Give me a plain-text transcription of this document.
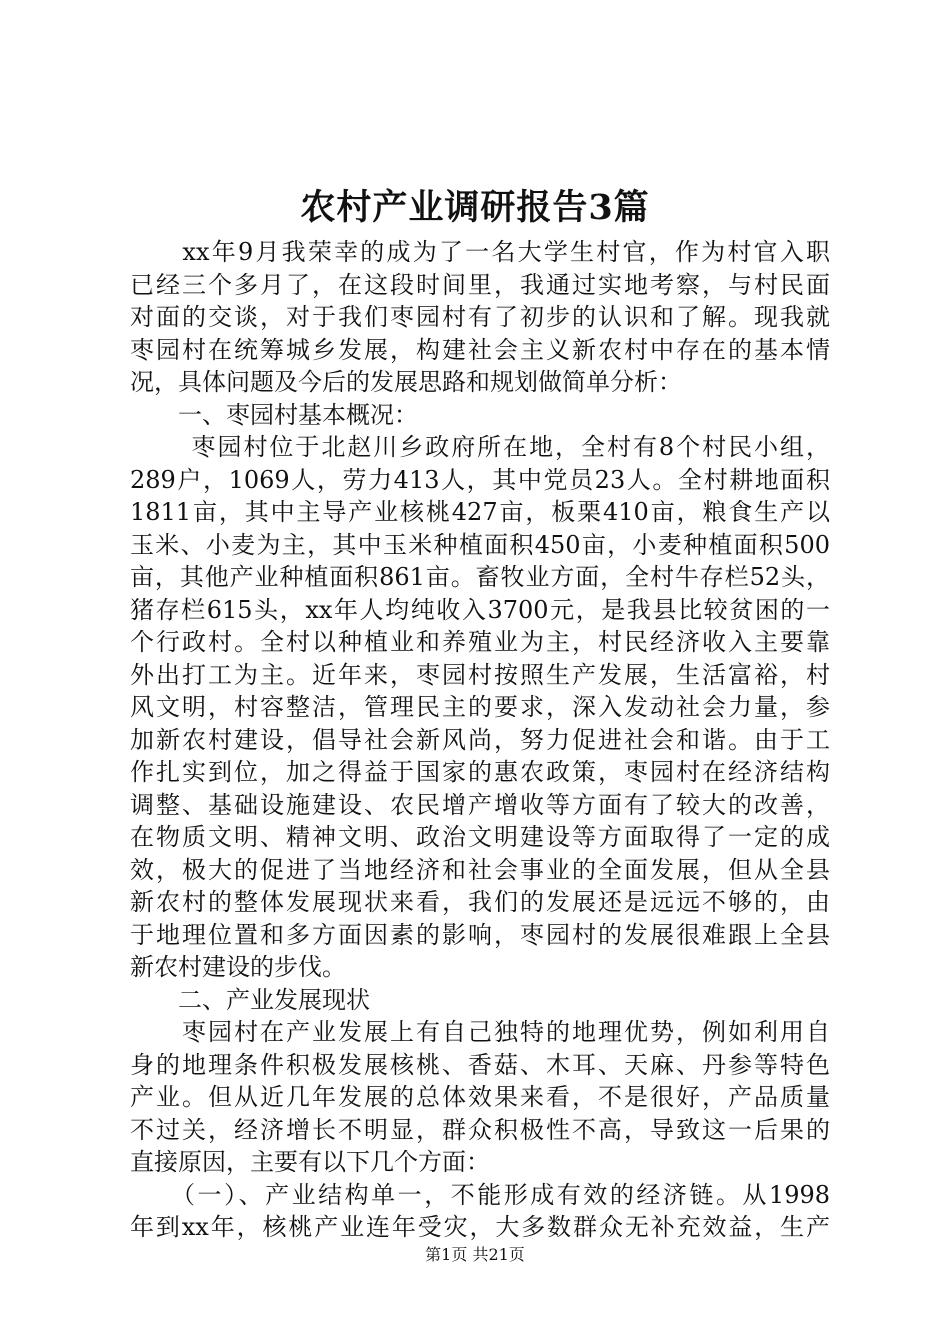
农村产业调研报告3篇
　　xx年9月我荣幸的成为了一名大学生村官，作为村官入职
已经三个多月了，在这段时间里，我通过实地考察，与村民面
对面的交谈，对于我们枣园村有了初步的认识和了解。现我就
枣园村在统筹城乡发展，构建社会主义新农村中存在的基本情
况，具体问题及今后的发展思路和规划做简单分析：
　　一、枣园村基本概况：
　　 枣园村位于北赵川乡政府所在地，全村有8个村民小组，
289户，1069人，劳力413人，其中党员23人。全村耕地面积
1811亩，其中主导产业核桃427亩，板栗410亩，粮食生产以
玉米、小麦为主，其中玉米种植面积450亩，小麦种植面积500
亩，其他产业种植面积861亩。畜牧业方面，全村牛存栏52头，
猪存栏615头，xx年人均纯收入3700元，是我县比较贫困的一
个行政村。全村以种植业和养殖业为主，村民经济收入主要靠
外出打工为主。近年来，枣园村按照生产发展，生活富裕，村
风文明，村容整洁，管理民主的要求，深入发动社会力量，参
加新农村建设，倡导社会新风尚，努力促进社会和谐。由于工
作扎实到位，加之得益于国家的惠农政策，枣园村在经济结构
调整、基础设施建设、农民增产增收等方面有了较大的改善，
在物质文明、精神文明、政治文明建设等方面取得了一定的成
效，极大的促进了当地经济和社会事业的全面发展，但从全县
新农村的整体发展现状来看，我们的发展还是远远不够的，由
于地理位置和多方面因素的影响，枣园村的发展很难跟上全县
新农村建设的步伐。
　　二、产业发展现状
　　枣园村在产业发展上有自己独特的地理优势，例如利用自
身的地理条件积极发展核桃、香菇、木耳、天麻、丹参等特色
产业。但从近几年发展的总体效果来看，不是很好，产品质量
不过关，经济增长不明显，群众积极性不高，导致这一后果的
直接原因，主要有以下几个方面：
　　（一）、产业结构单一，不能形成有效的经济链。从1998
年到xx年，核桃产业连年受灾，大多数群众无补充效益，生产
第1页 共21页
